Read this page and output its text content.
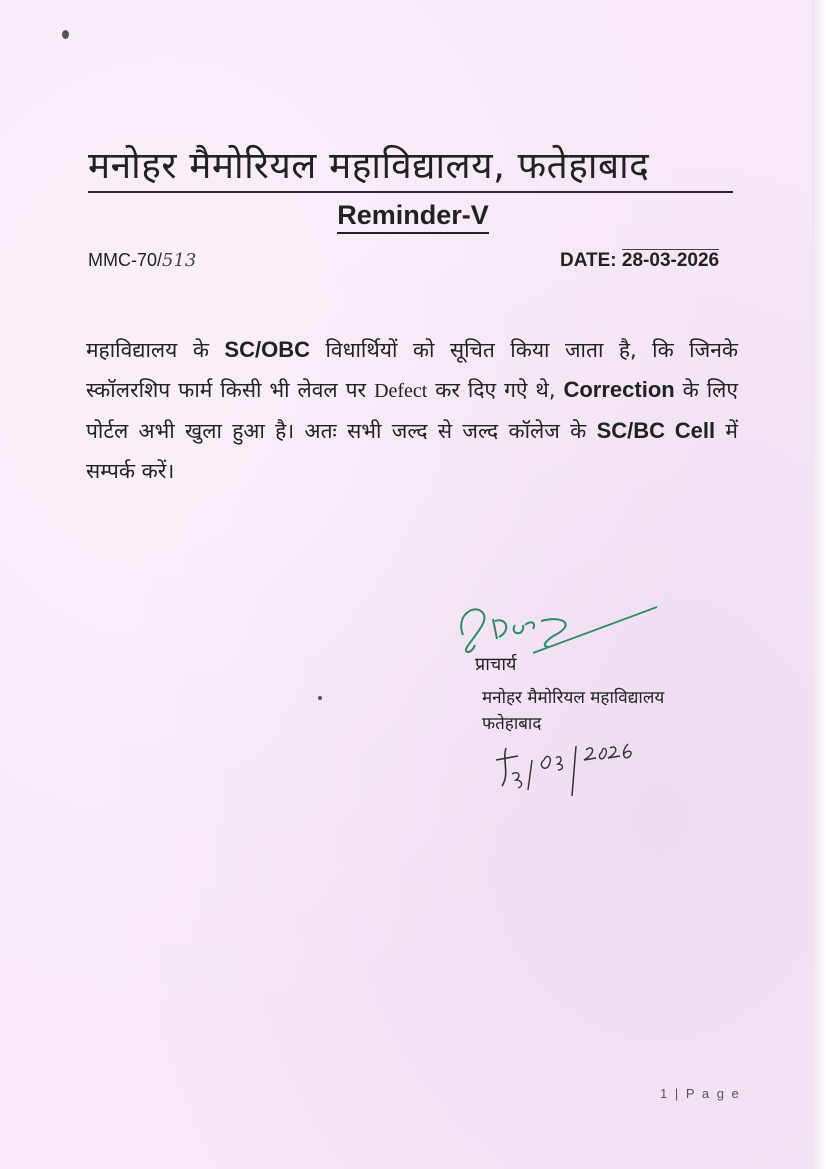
मनोहर मैमोरियल महाविद्यालय, फतेहाबाद
Reminder-V
MMC-70/513	DATE: 28-03-2026
महाविद्यालय के SC/OBC विधार्थियों को सूचित किया जाता है, कि जिनके स्कॉलरशिप फार्म किसी भी लेवल पर Defect कर दिए गऐ थे, Correction के लिए पोर्टल अभी खुला हुआ है। अतः सभी जल्द से जल्द कॉलेज के SC/BC Cell में सम्पर्क करें।
प्राचार्य
मनोहर मैमोरियल महाविद्यालय
फतेहाबाद
1 | P a g e
